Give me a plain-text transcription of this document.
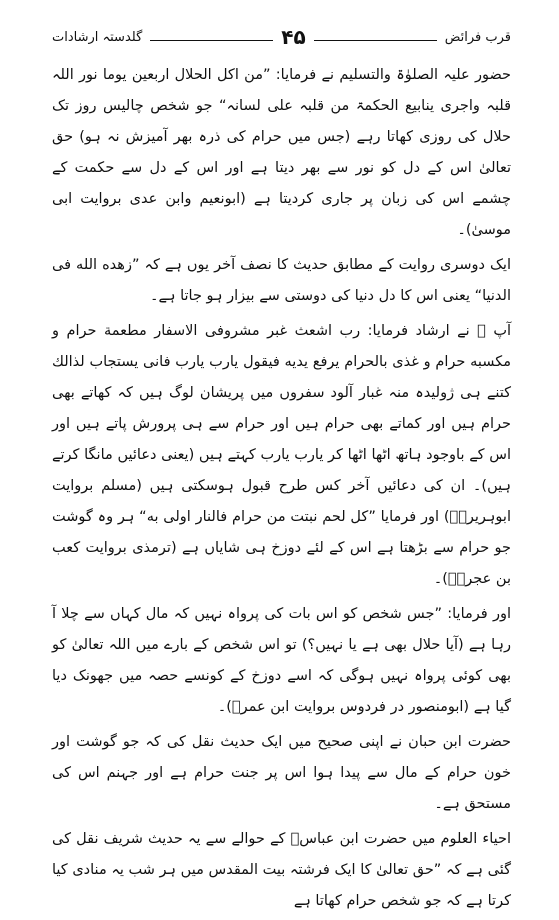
گلدستہ ارشادات	۴۵	قرب فرائض

حضور علیہ الصلوٰۃ والتسلیم نے فرمایا: ”من اکل الحلال اربعین یوما نور اللہ قلبہ واجری ینابیع الحکمۃ من قلبہ علی لسانہ“ جو شخص چالیس روز تک حلال کی روزی کھاتا رہے (جس میں حرام کی ذرہ بھر آمیزش نہ ہو) حق تعالیٰ اس کے دل کو نور سے بھر دیتا ہے اور اس کے دل سے حکمت کے چشمے اس کی زبان پر جاری کردیتا ہے (ابونعیم وابن عدی بروایت ابی موسیٰ)۔

ایک دوسری روایت کے مطابق حدیث کا نصف آخر یوں ہے کہ ”زهده الله فى الدنيا“ یعنی اس کا دل دنیا کی دوستی سے بیزار ہو جاتا ہے۔

آپ ﷺ نے ارشاد فرمایا: رب اشعث غبر مشروفی الاسفار مطعمة حرام و مکسبه حرام و غذى بالحرام يرفع يديه فيقول يارب يارب فانى يستجاب لذالك کتنے ہی ژولیدہ منہ غبار آلود سفروں میں پریشان لوگ ہیں کہ کھاتے بھی حرام ہیں اور کماتے بھی حرام ہیں اور حرام سے ہی پرورش پاتے ہیں اور اس کے باوجود ہاتھ اٹھا اٹھا کر یارب یارب کہتے ہیں (یعنی دعائیں مانگا کرتے ہیں)۔ ان کی دعائیں آخر کس طرح قبول ہوسکتی ہیں (مسلم بروایت ابوہریرہؓ) اور فرمایا ”کل لحم نبتت من حرام فالنار اولى به“ ہر وہ گوشت جو حرام سے بڑھتا ہے اس کے لئے دوزخ ہی شایاں ہے (ترمذی بروایت کعب بن عجرہؓ)۔

اور فرمایا: ”جس شخص کو اس بات کی پرواہ نہیں کہ مال کہاں سے چلا آ رہا ہے (آیا حلال بھی ہے یا نہیں؟) تو اس شخص کے بارے میں اللہ تعالیٰ کو بھی کوئی پرواہ نہیں ہوگی کہ اسے دوزخ کے کونسے حصہ میں جھونک دیا گیا ہے (ابومنصور در فردوس بروایت ابن عمرؓ)۔

حضرت ابن حبان نے اپنی صحیح میں ایک حدیث نقل کی کہ جو گوشت اور خون حرام کے مال سے پیدا ہوا اس پر جنت حرام ہے اور جہنم اس کی مستحق ہے۔

احیاء العلوم میں حضرت ابن عباسؓ کے حوالے سے یہ حدیث شریف نقل کی گئی ہے کہ ”حق تعالیٰ کا ایک فرشتہ بیت المقدس میں ہر شب یہ منادی کیا کرتا ہے کہ جو شخص حرام کھاتا ہے
